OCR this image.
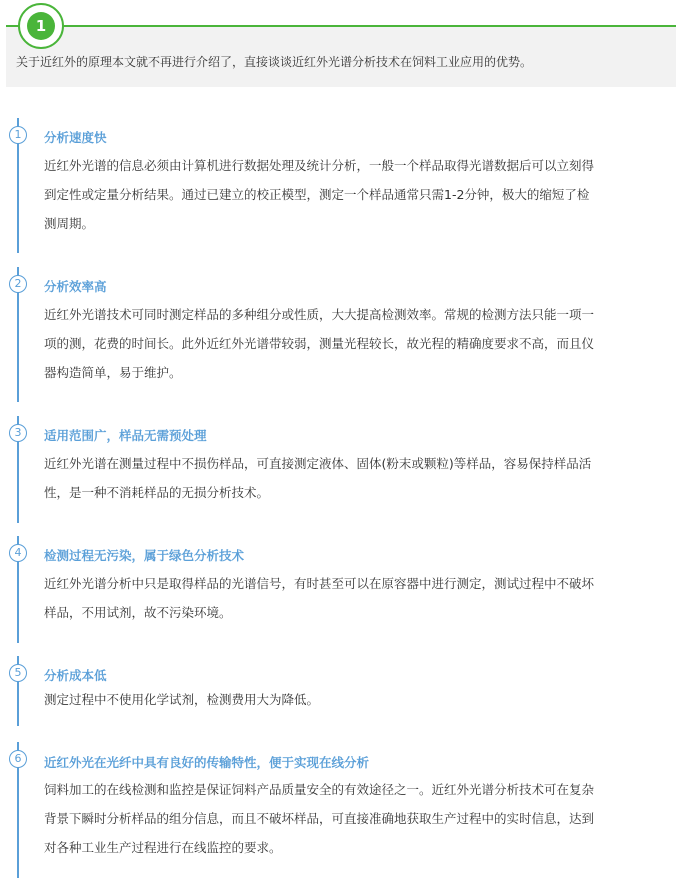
1
关于近红外的原理本文就不再进行介绍了，直接谈谈近红外光谱分析技术在饲料工业应用的优势。
1	分析速度快
近红外光谱的信息必须由计算机进行数据处理及统计分析，一般一个样品取得光谱数据后可以立刻得
到定性或定量分析结果。通过已建立的校正模型，测定一个样品通常只需1-2分钟，极大的缩短了检
测周期。
2	分析效率高
近红外光谱技术可同时测定样品的多种组分或性质，大大提高检测效率。常规的检测方法只能一项一
项的测，花费的时间长。此外近红外光谱带较弱，测量光程较长，故光程的精确度要求不高，而且仪
器构造简单，易于维护。
3	适用范围广，样品无需预处理
近红外光谱在测量过程中不损伤样品，可直接测定液体、固体(粉末或颗粒)等样品，容易保持样品活
性，是一种不消耗样品的无损分析技术。
4	检测过程无污染，属于绿色分析技术
近红外光谱分析中只是取得样品的光谱信号，有时甚至可以在原容器中进行测定，测试过程中不破坏
样品，不用试剂，故不污染环境。
5	分析成本低
测定过程中不使用化学试剂，检测费用大为降低。
6	近红外光在光纤中具有良好的传输特性，便于实现在线分析
饲料加工的在线检测和监控是保证饲料产品质量安全的有效途径之一。近红外光谱分析技术可在复杂
背景下瞬时分析样品的组分信息，而且不破坏样品，可直接准确地获取生产过程中的实时信息，达到
对各种工业生产过程进行在线监控的要求。
